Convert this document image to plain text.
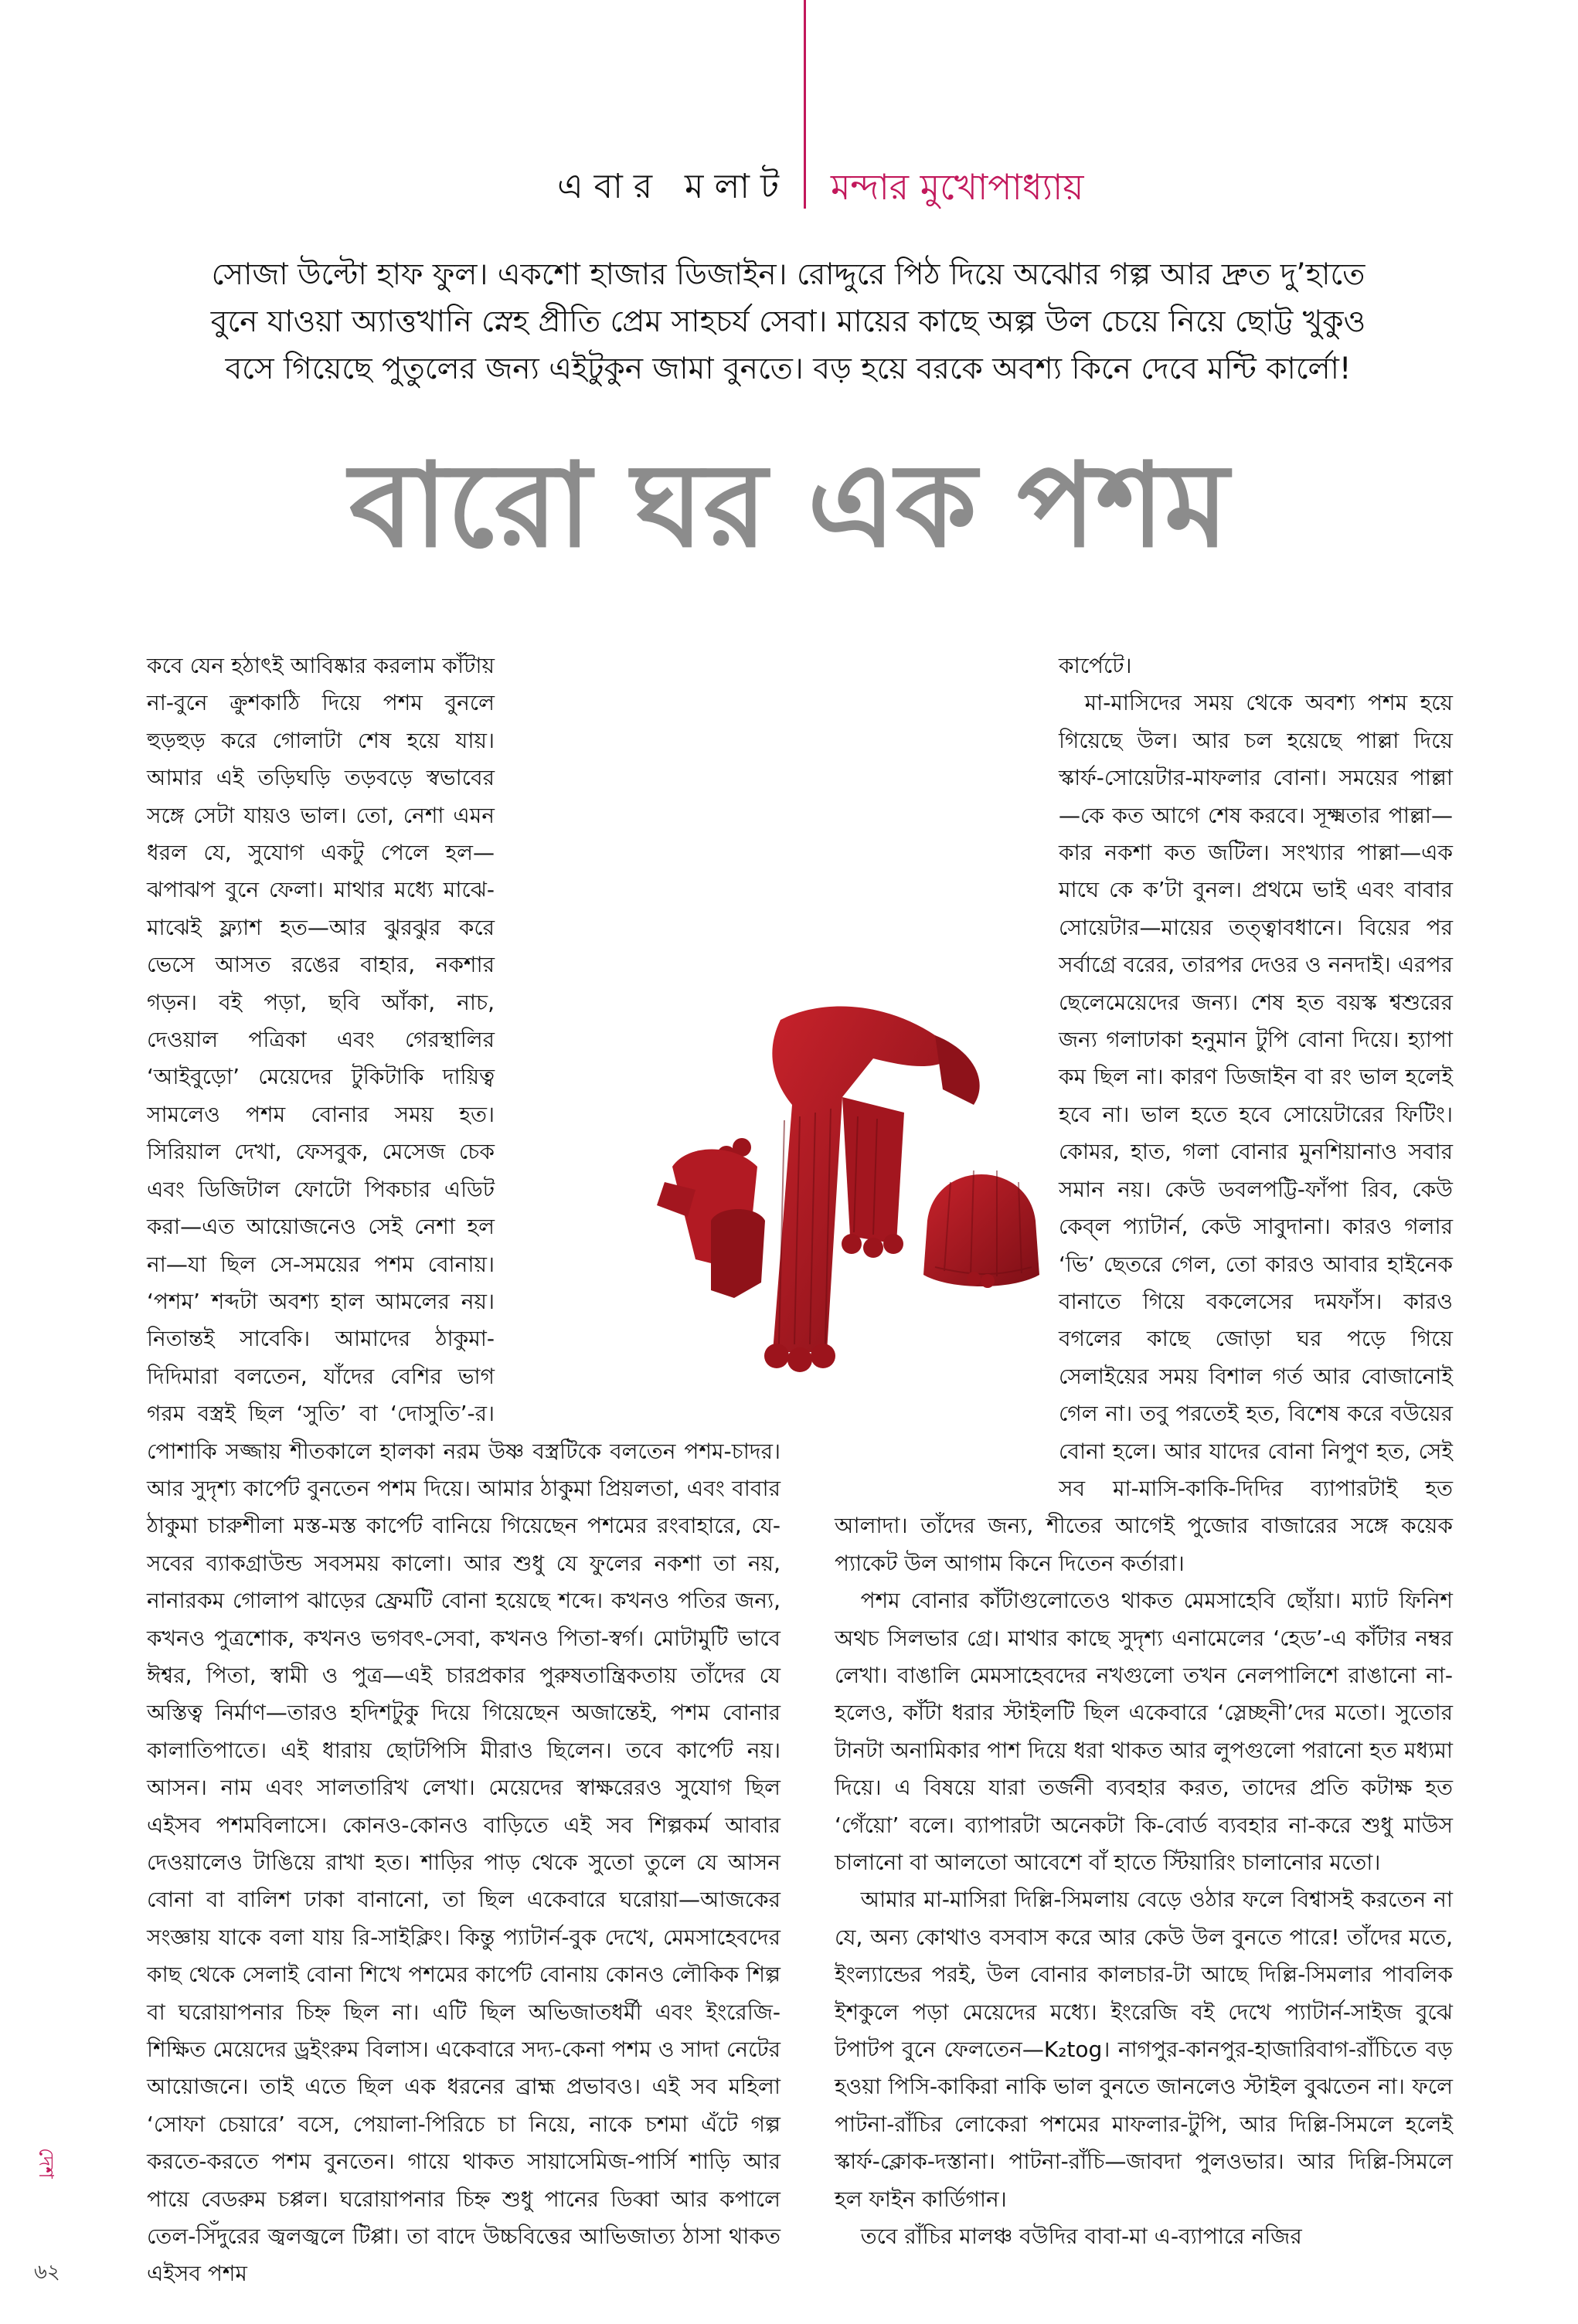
এবার মলাট মন্দার মুখোপাধ্যায়

সোজা উল্টো হাফ ফুল। একশো হাজার ডিজাইন। রোদ্দুরে পিঠ দিয়ে অঝোর গল্প আর দ্রুত দু’হাতে

বুনে যাওয়া অ্যাত্তখানি স্নেহ প্রীতি প্রেম সাহচর্য সেবা। মায়ের কাছে অল্প উল চেয়ে নিয়ে ছোট্ট খুকুও

বসে গিয়েছে পুতুলের জন্য এইটুকুন জামা বুনতে। বড় হয়ে বরকে অবশ্য কিনে দেবে মন্টি কার্লো!

বারো ঘর এক পশম

কবে যেন হঠাৎই আবিষ্কার করলাম কাঁটায় না-বুনে ক্রুশকাঠি দিয়ে পশম বুনলে হুড়হুড় করে গোলাটা শেষ হয়ে যায়। আমার এই তড়িঘড়ি তড়বড়ে স্বভাবের সঙ্গে সেটা যায়ও ভাল। তো, নেশা এমন ধরল যে, সুযোগ একটু পেলে হল—ঝপাঝপ বুনে ফেলা। মাথার মধ্যে মাঝে-মাঝেই ফ্ল্যাশ হত—আর ঝুরঝুর করে ভেসে আসত রঙের বাহার, নকশার গড়ন। বই পড়া, ছবি আঁকা, নাচ, দেওয়াল পত্রিকা এবং গেরস্থালির ‘আইবুড়ো’ মেয়েদের টুকিটাকি দায়িত্ব সামলেও পশম বোনার সময় হত। সিরিয়াল দেখা, ফেসবুক, মেসেজ চেক এবং ডিজিটাল ফোটো পিকচার এডিট করা—এত আয়োজনেও সেই নেশা হল না—যা ছিল সে-সময়ের পশম বোনায়। ‘পশম’ শব্দটা অবশ্য হাল আমলের নয়। নিতান্তই সাবেকি। আমাদের ঠাকুমা-দিদিমারা বলতেন, যাঁদের বেশির ভাগ গরম বস্ত্রই ছিল ‘সুতি’ বা ‘দোসুতি’-র। পোশাকি সজ্জায় শীতকালে হালকা নরম উষ্ণ বস্ত্রটিকে বলতেন পশম-চাদর। আর সুদৃশ্য কার্পেট বুনতেন পশম দিয়ে। আমার ঠাকুমা প্রিয়লতা, এবং বাবার ঠাকুমা চারুশীলা মস্ত-মস্ত কার্পেট বানিয়ে গিয়েছেন পশমের রংবাহারে, যে-সবের ব্যাকগ্রাউন্ড সবসময় কালো। আর শুধু যে ফুলের নকশা তা নয়, নানারকম গোলাপ ঝাড়ের ফ্রেমটি বোনা হয়েছে শব্দে। কখনও পতির জন্য, কখনও পুত্রশোক, কখনও ভগবৎ-সেবা, কখনও পিতা-স্বর্গ। মোটামুটি ভাবে ঈশ্বর, পিতা, স্বামী ও পুত্র—এই চারপ্রকার পুরুষতান্ত্রিকতায় তাঁদের যে অস্তিত্ব নির্মাণ—তারও হদিশটুকু দিয়ে গিয়েছেন অজান্তেই, পশম বোনার কালাতিপাতে। এই ধারায় ছোটপিসি মীরাও ছিলেন। তবে কার্পেট নয়। আসন। নাম এবং সালতারিখ লেখা। মেয়েদের স্বাক্ষরেরও সুযোগ ছিল এইসব পশমবিলাসে। কোনও-কোনও বাড়িতে এই সব শিল্পকর্ম আবার দেওয়ালেও টাঙিয়ে রাখা হত। শাড়ির পাড় থেকে সুতো তুলে যে আসন বোনা বা বালিশ ঢাকা বানানো, তা ছিল একেবারে ঘরোয়া—আজকের সংজ্ঞায় যাকে বলা যায় রি-সাইক্লিং। কিন্তু প্যাটার্ন-বুক দেখে, মেমসাহেবদের কাছ থেকে সেলাই বোনা শিখে পশমের কার্পেট বোনায় কোনও লৌকিক শিল্প বা ঘরোয়াপনার চিহ্ন ছিল না। এটি ছিল অভিজাতধর্মী এবং ইংরেজি-শিক্ষিত মেয়েদের ড্রইংরুম বিলাস। একেবারে সদ্য-কেনা পশম ও সাদা নেটের আয়োজনে। তাই এতে ছিল এক ধরনের ব্রাহ্ম প্রভাবও। এই সব মহিলা ‘সোফা চেয়ারে’ বসে, পেয়ালা-পিরিচে চা নিয়ে, নাকে চশমা এঁটে গল্প করতে-করতে পশম বুনতেন। গায়ে থাকত সায়াসেমিজ-পার্সি শাড়ি আর পায়ে বেডরুম চপ্পল। ঘরোয়াপনার চিহ্ন শুধু পানের ডিব্বা আর কপালে তেল-সিঁদুরের জ্বলজ্বলে টিপ্পা। তা বাদে উচ্চবিত্তের আভিজাত্য ঠাসা থাকত এইসব পশম

কার্পেটে।

মা-মাসিদের সময় থেকে অবশ্য পশম হয়ে গিয়েছে উল। আর চল হয়েছে পাল্লা দিয়ে স্কার্ফ-সোয়েটার-মাফলার বোনা। সময়ের পাল্লা—কে কত আগে শেষ করবে। সূক্ষ্মতার পাল্লা—কার নকশা কত জটিল। সংখ্যার পাল্লা—এক মাঘে কে ক’টা বুনল। প্রথমে ভাই এবং বাবার সোয়েটার—মায়ের তত্ত্বাবধানে। বিয়ের পর সর্বাগ্রে বরের, তারপর দেওর ও ননদাই। এরপর ছেলেমেয়েদের জন্য। শেষ হত বয়স্ক শ্বশুরের জন্য গলাঢাকা হনুমান টুপি বোনা দিয়ে। হ্যাপা কম ছিল না। কারণ ডিজাইন বা রং ভাল হলেই হবে না। ভাল হতে হবে সোয়েটারের ফিটিং। কোমর, হাত, গলা বোনার মুনশিয়ানাও সবার সমান নয়। কেউ ডবলপট্টি-ফাঁপা রিব, কেউ কেব্‌ল প্যাটার্ন, কেউ সাবুদানা। কারও গলার ‘ভি’ ছেতরে গেল, তো কারও আবার হাইনেক বানাতে গিয়ে বকলেসের দমফাঁস। কারও বগলের কাছে জোড়া ঘর পড়ে গিয়ে সেলাইয়ের সময় বিশাল গর্ত আর বোজানোই গেল না। তবু পরতেই হত, বিশেষ করে বউয়ের বোনা হলে। আর যাদের বোনা নিপুণ হত, সেই সব মা-মাসি-কাকি-দিদির ব্যাপারটাই হত আলাদা। তাঁদের জন্য, শীতের আগেই পুজোর বাজারের সঙ্গে কয়েক প্যাকেট উল আগাম কিনে দিতেন কর্তারা।

পশম বোনার কাঁটাগুলোতেও থাকত মেমসাহেবি ছোঁয়া। ম্যাট ফিনিশ অথচ সিলভার গ্রে। মাথার কাছে সুদৃশ্য এনামেলের ‘হেড’-এ কাঁটার নম্বর লেখা। বাঙালি মেমসাহেবদের নখগুলো তখন নেলপালিশে রাঙানো না-হলেও, কাঁটা ধরার স্টাইলটি ছিল একেবারে ‘স্লেচ্ছনী’দের মতো। সুতোর টানটা অনামিকার পাশ দিয়ে ধরা থাকত আর লুপগুলো পরানো হত মধ্যমা দিয়ে। এ বিষয়ে যারা তর্জনী ব্যবহার করত, তাদের প্রতি কটাক্ষ হত ‘গেঁয়ো’ বলে। ব্যাপারটা অনেকটা কি-বোর্ড ব্যবহার না-করে শুধু মাউস চালানো বা আলতো আবেশে বাঁ হাতে স্টিয়ারিং চালানোর মতো।

আমার মা-মাসিরা দিল্লি-সিমলায় বেড়ে ওঠার ফলে বিশ্বাসই করতেন না যে, অন্য কোথাও বসবাস করে আর কেউ উল বুনতে পারে! তাঁদের মতে, ইংল্যান্ডের পরই, উল বোনার কালচার-টা আছে দিল্লি-সিমলার পাবলিক ইশকুলে পড়া মেয়েদের মধ্যে। ইংরেজি বই দেখে প্যাটার্ন-সাইজ বুঝে টপাটপ বুনে ফেলতেন—K₂tog। নাগপুর-কানপুর-হাজারিবাগ-রাঁচিতে বড় হওয়া পিসি-কাকিরা নাকি ভাল বুনতে জানলেও স্টাইল বুঝতেন না। ফলে পাটনা-রাঁচির লোকেরা পশমের মাফলার-টুপি, আর দিল্লি-সিমলে হলেই স্কার্ফ-ক্লোক-দস্তানা। পাটনা-রাঁচি—জাবদা পুলওভার। আর দিল্লি-সিমলে হল ফাইন কার্ডিগান।

তবে রাঁচির মালঞ্চ বউদির বাবা-মা এ-ব্যাপারে নজির

দেশ
৬২
